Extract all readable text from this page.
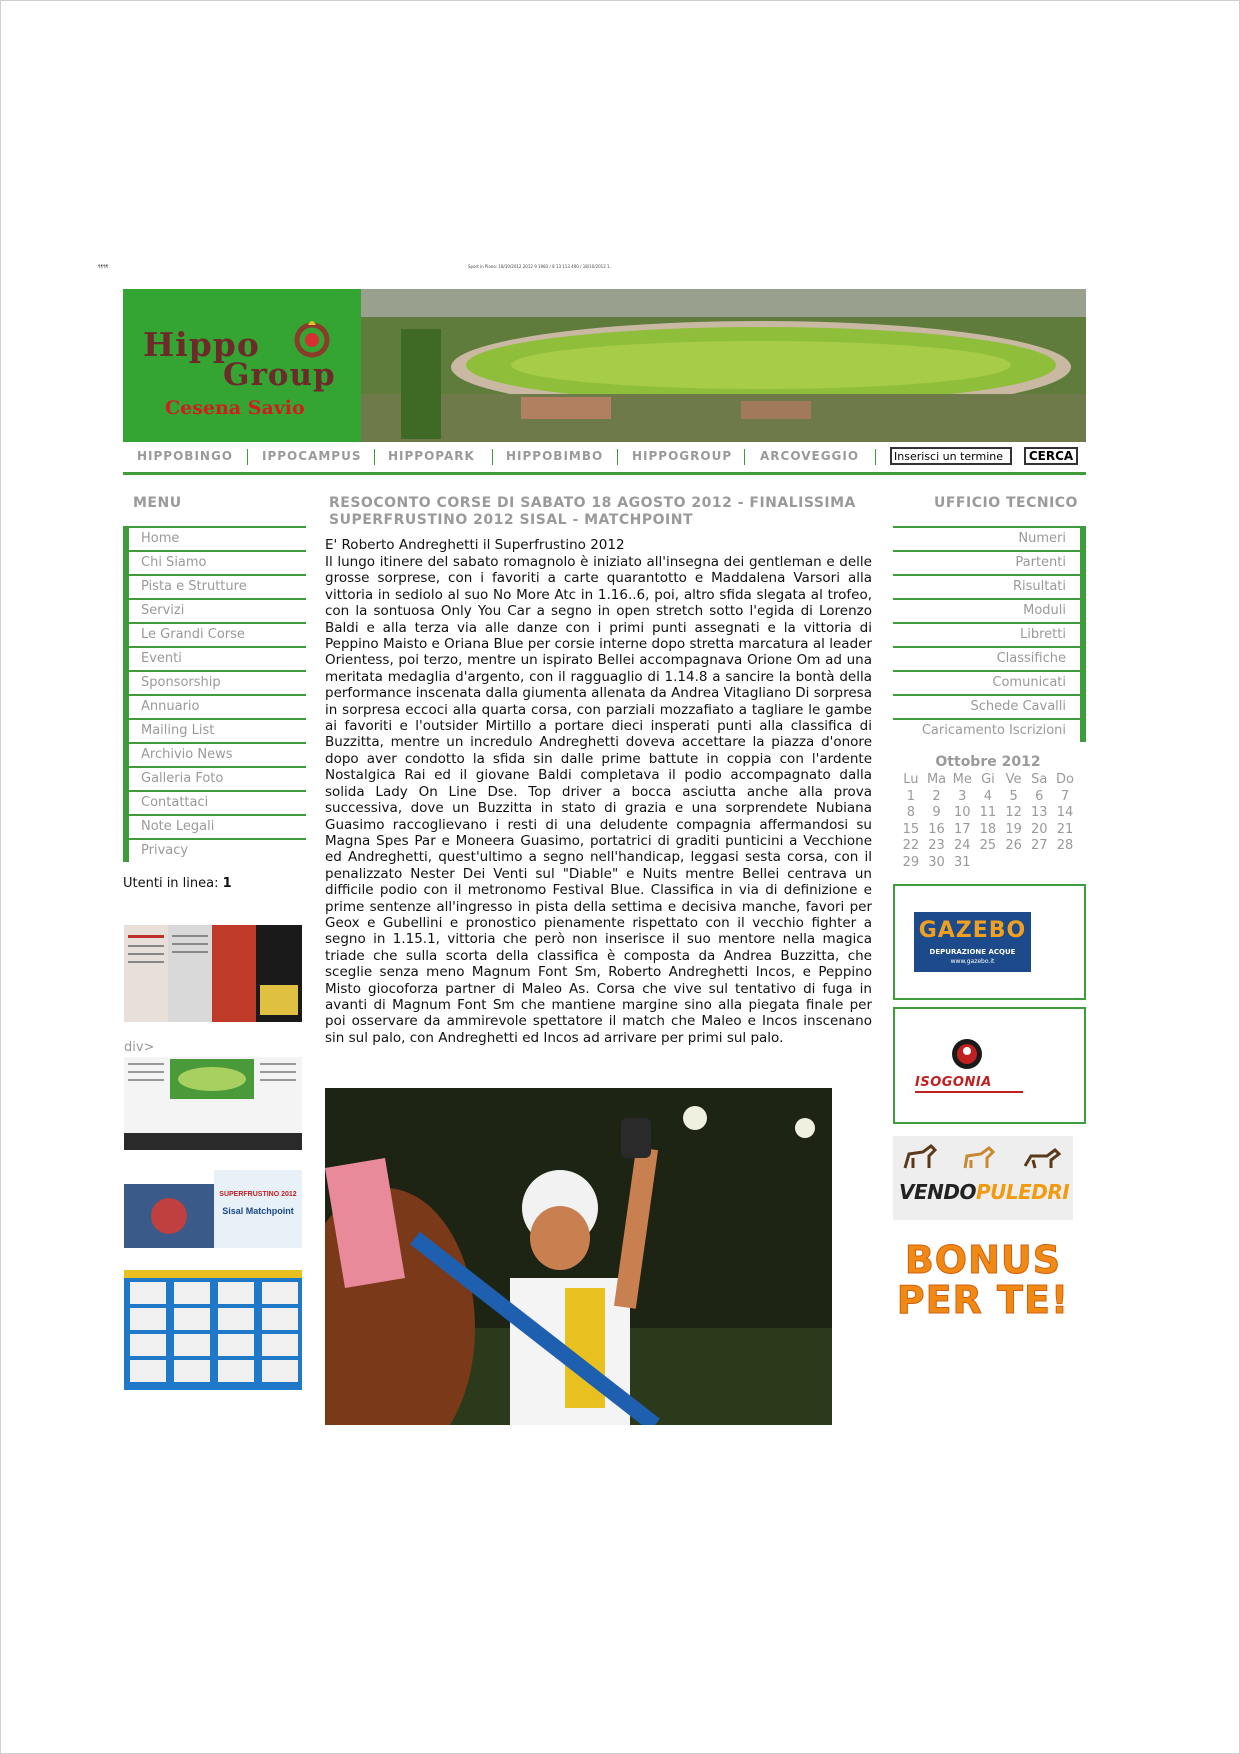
¶¶¶¶	Sport in Piano: 18/10/2012 2012 9 1983 / 8 13 113 400 / 18/10/2012 1.
Hippo
Group
Cesena Savio
HIPPOBINGO IPPOCAMPUS HIPPOPARK	HIPPOBIMBO HIPPOGROUP ARCOVEGGIO	Inserisci un termine	CERCA
MENU
Home
Chi Siamo
Pista e Strutture
Servizi
Le Grandi Corse
Eventi
Sponsorship
Annuario
Mailing List
Archivio News
Galleria Foto
Contattaci
Note Legali
Privacy
Utenti in linea: 1
div>
SUPERFRUSTINO 2012
Sisal Matchpoint
RESOCONTO CORSE DI SABATO 18 AGOSTO 2012 - FINALISSIMA SUPERFRUSTINO 2012 SISAL - MATCHPOINT
E' Roberto Andreghetti il Superfrustino 2012
Il lungo itinere del sabato romagnolo è iniziato all'insegna dei gentleman e delle grosse sorprese, con i favoriti a carte quarantotto e Maddalena Varsori alla vittoria in sediolo al suo No More Atc in 1.16..6, poi, altro sfida slegata al trofeo, con la sontuosa Only You Car a segno in open stretch sotto l'egida di Lorenzo Baldi e alla terza via alle danze con i primi punti assegnati e la vittoria di Peppino Maisto e Oriana Blue per corsie interne dopo stretta marcatura al leader Orientess, poi terzo, mentre un ispirato Bellei accompagnava Orione Om ad una meritata medaglia d'argento, con il ragguaglio di 1.14.8 a sancire la bontà della performance inscenata dalla giumenta allenata da Andrea Vitagliano Di sorpresa in sorpresa eccoci alla quarta corsa, con parziali mozzafiato a tagliare le gambe ai favoriti e l'outsider Mirtillo a portare dieci insperati punti alla classifica di Buzzitta, mentre un incredulo Andreghetti doveva accettare la piazza d'onore dopo aver condotto la sfida sin dalle prime battute in coppia con l'ardente Nostalgica Rai ed il giovane Baldi completava il podio accompagnato dalla solida Lady On Line Dse. Top driver a bocca asciutta anche alla prova successiva, dove un Buzzitta in stato di grazia e una sorprendete Nubiana Guasimo raccoglievano i resti di una deludente compagnia affermandosi su Magna Spes Par e Moneera Guasimo, portatrici di graditi punticini a Vecchione ed Andreghetti, quest'ultimo a segno nell'handicap, leggasi sesta corsa, con il penalizzato Nester Dei Venti sul "Diable" e Nuits mentre Bellei centrava un difficile podio con il metronomo Festival Blue. Classifica in via di definizione e prime sentenze all'ingresso in pista della settima e decisiva manche, favori per Geox e Gubellini e pronostico pienamente rispettato con il vecchio fighter a segno in 1.15.1, vittoria che però non inserisce il suo mentore nella magica triade che sulla scorta della classifica è composta da Andrea Buzzitta, che sceglie senza meno Magnum Font Sm, Roberto Andreghetti Incos, e Peppino Misto giocoforza partner di Maleo As. Corsa che vive sul tentativo di fuga in avanti di Magnum Font Sm che mantiene margine sino alla piegata finale per poi osservare da ammirevole spettatore il match che Maleo e Incos inscenano sin sul palo, con Andreghetti ed Incos ad arrivare per primi sul palo.
UFFICIO TECNICO
Numeri
Partenti
Risultati
Moduli
Libretti
Classifiche
Comunicati
Schede Cavalli
Caricamento Iscrizioni
Ottobre 2012
Lu Ma Me Gi Ve Sa Do
1	2	3	4	5	6	7
8	9	10 11 12 13 14
15 16 17 18 19 20 21
22 23 24 25 26 27 28
29 30 31
GAZEBO
DEPURAZIONE ACQUE
www.gazebo.it
ISOGONIA
VENDOPULEDRI
BONUS PER TE!
